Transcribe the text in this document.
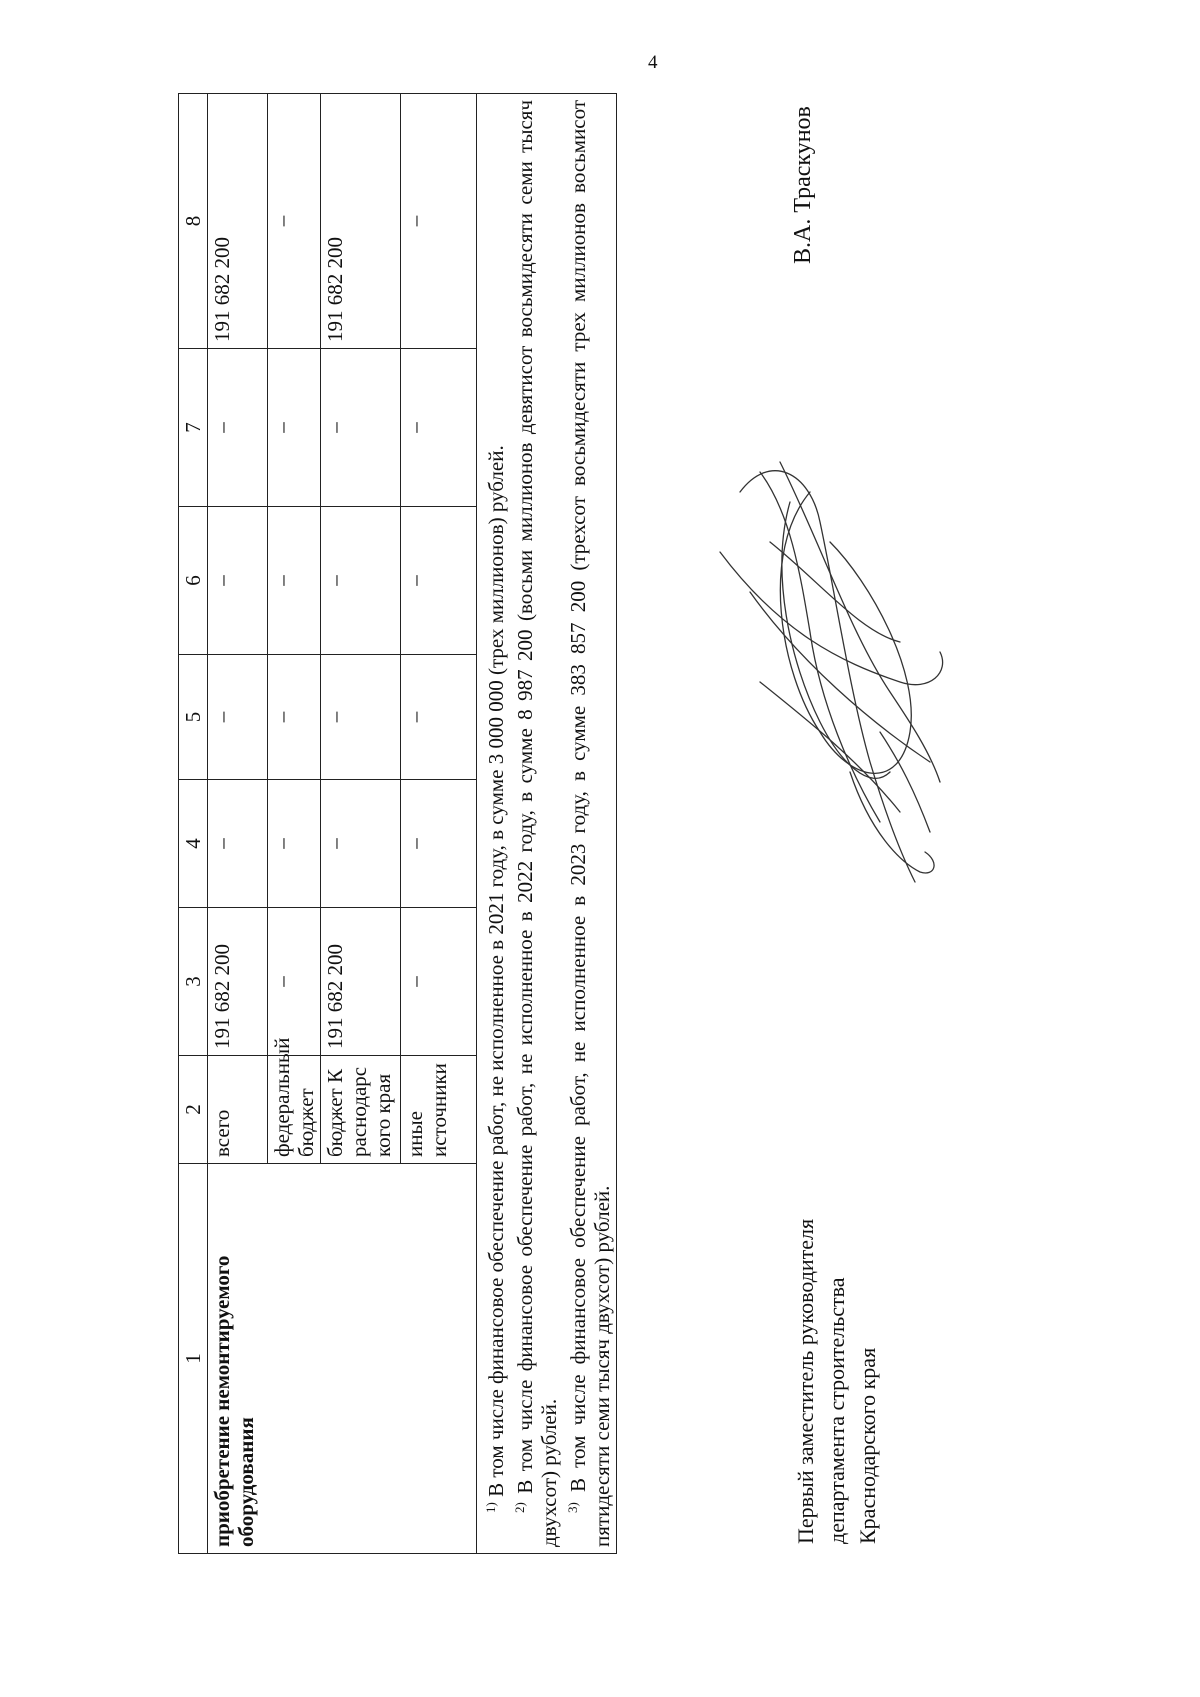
4
1	2	3	4	5	6	7	8
приобретение немонтируемого оборудования	всего	191 682 200	–	–	–	–	191 682 200
	федеральный бюджет	–	–	–	–	–	–
	бюджет Краснодарского края	191 682 200	–	–	–	–	191 682 200
	иные источники	–	–	–	–	–	–

$^{1)}$ В том числе финансовое обеспечение работ, не исполненное в 2021 году, в сумме 3 000 000 (трех миллионов) рублей.

$^{2)}$ В том числе финансовое обеспечение работ, не исполненное в 2022 году, в сумме 8 987 200 (восьми миллионов девятисот восьмидесяти семи тысяч двухсот) рублей. $^{3)}$ В том числе финансовое обеспечение работ, не исполненное в 2023 году, в сумме 383 857 200 (трехсот восьмидесяти трех миллионов восьмисот пятидесяти семи тысяч двухсот) рублей.								Первый заместитель руководителя департамента строительства Краснодарского края
В.А. Траскунов
